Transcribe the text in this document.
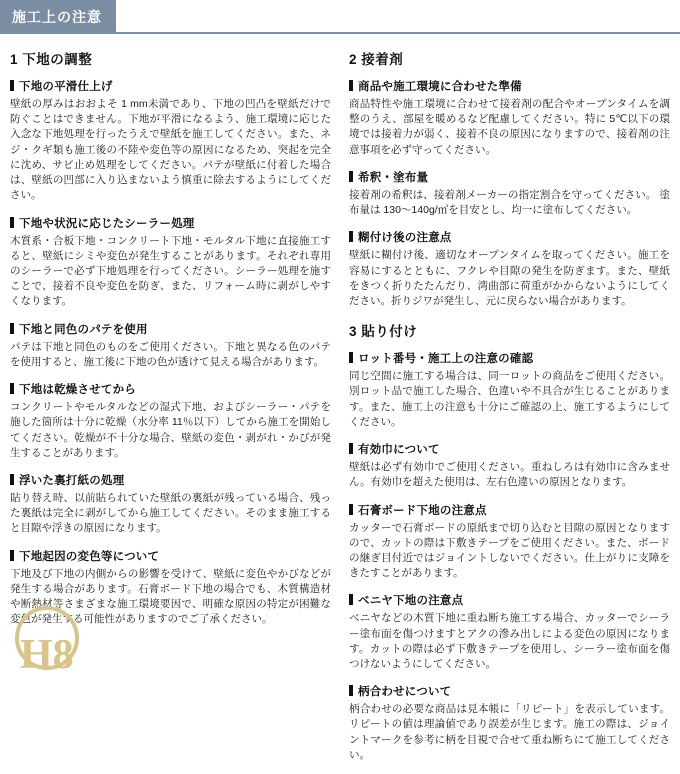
施工上の注意
1 下地の調整
下地の平滑仕上げ

壁紙の厚みはおおよそ 1 mm未満であり、下地の凹凸を壁紙だけで防ぐことはできません。下地が平滑になるよう、施工環境に応じた入念な下地処理を行ったうえで壁紙を施工してください。また、ネジ・クギ類も施工後の不陸や変色等の原因になるため、突起を完全に沈め、サビ止め処理をしてください。パテが壁紙に付着した場合は、壁紙の凹部に入り込まないよう慎重に除去するようにしてください。

下地や状況に応じたシーラー処理

木質系・合板下地・コンクリート下地・モルタル下地に直接施工すると、壁紙にシミや変色が発生することがあります。それぞれ専用のシーラーで必ず下地処理を行ってください。シーラー処理を施すことで、接着不良や変色を防ぎ、また、リフォーム時に剥がしやすくなります。

下地と同色のパテを使用

パテは下地と同色のものをご使用ください。下地と異なる色のパテを使用すると、施工後に下地の色が透けて見える場合があります。

下地は乾燥させてから

コンクリートやモルタルなどの湿式下地、およびシーラー・パテを施した箇所は十分に乾燥（水分率 11％以下）してから施工を開始してください。乾燥が不十分な場合、壁紙の変色・剥がれ・かびが発生することがあります。

浮いた裏打紙の処理

貼り替え時、以前貼られていた壁紙の裏紙が残っている場合、残った裏紙は完全に剥がしてから施工してください。そのまま施工すると目隙や浮きの原因になります。

下地起因の変色等について

下地及び下地の内側からの影響を受けて、壁紙に変色やかびなどが発生する場合があります。石膏ボード下地の場合でも、木質構造材や断熱材等さまざまな施工環境要因で、明確な原因の特定が困難な変色が発生する可能性がありますのでご了承ください。

2 接着剤
商品や施工環境に合わせた準備

商品特性や施工環境に合わせて接着剤の配合やオープンタイムを調整のうえ、部屋を暖めるなど配慮してください。特に 5℃以下の環境では接着力が弱く、接着不良の原因になりますので、接着剤の注意事項を必ず守ってください。

希釈・塗布量

接着剤の希釈は、接着剤メーカーの指定割合を守ってください。 塗布量は 130～140g/㎡を目安とし、均一に塗布してください。

糊付け後の注意点

壁紙に糊付け後、適切なオープンタイムを取ってください。施工を容易にするとともに、フクレや目隙の発生を防ぎます。また、壁紙をきつく折りたたんだり、湾曲部に荷重がかからないようにしてください。折りジワが発生し、元に戻らない場合があります。

3 貼り付け
ロット番号・施工上の注意の確認

同じ空間に施工する場合は、同一ロットの商品をご使用ください。別ロット品で施工した場合、色違いや不具合が生じることがあります。また、施工上の注意も十分にご確認の上、施工するようにしてください。

有効巾について

壁紙は必ず有効巾でご使用ください。重ねしろは有効巾に含みません。有効巾を超えた使用は、左右色違いの原因となります。

石膏ボード下地の注意点

カッターで石膏ボードの原紙まで切り込むと目隙の原因となりますので、カットの際は下敷きテープをご使用ください。また、ボードの継ぎ目付近ではジョイントしないでください。仕上がりに支障をきたすことがあります。

ベニヤ下地の注意点

ベニヤなどの木質下地に重ね断ち施工する場合、カッターでシーラー塗布面を傷つけますとアクの滲み出しによる変色の原因になります。カットの際は必ず下敷きテープを使用し、シーラー塗布面を傷つけないようにしてください。

柄合わせについて

柄合わせの必要な商品は見本帳に「リピート」を表示しています。 リピートの値は理論値であり誤差が生じます。施工の際は、ジョイントマークを参考に柄を目視で合せて重ね断ちにて施工してください。

H8
